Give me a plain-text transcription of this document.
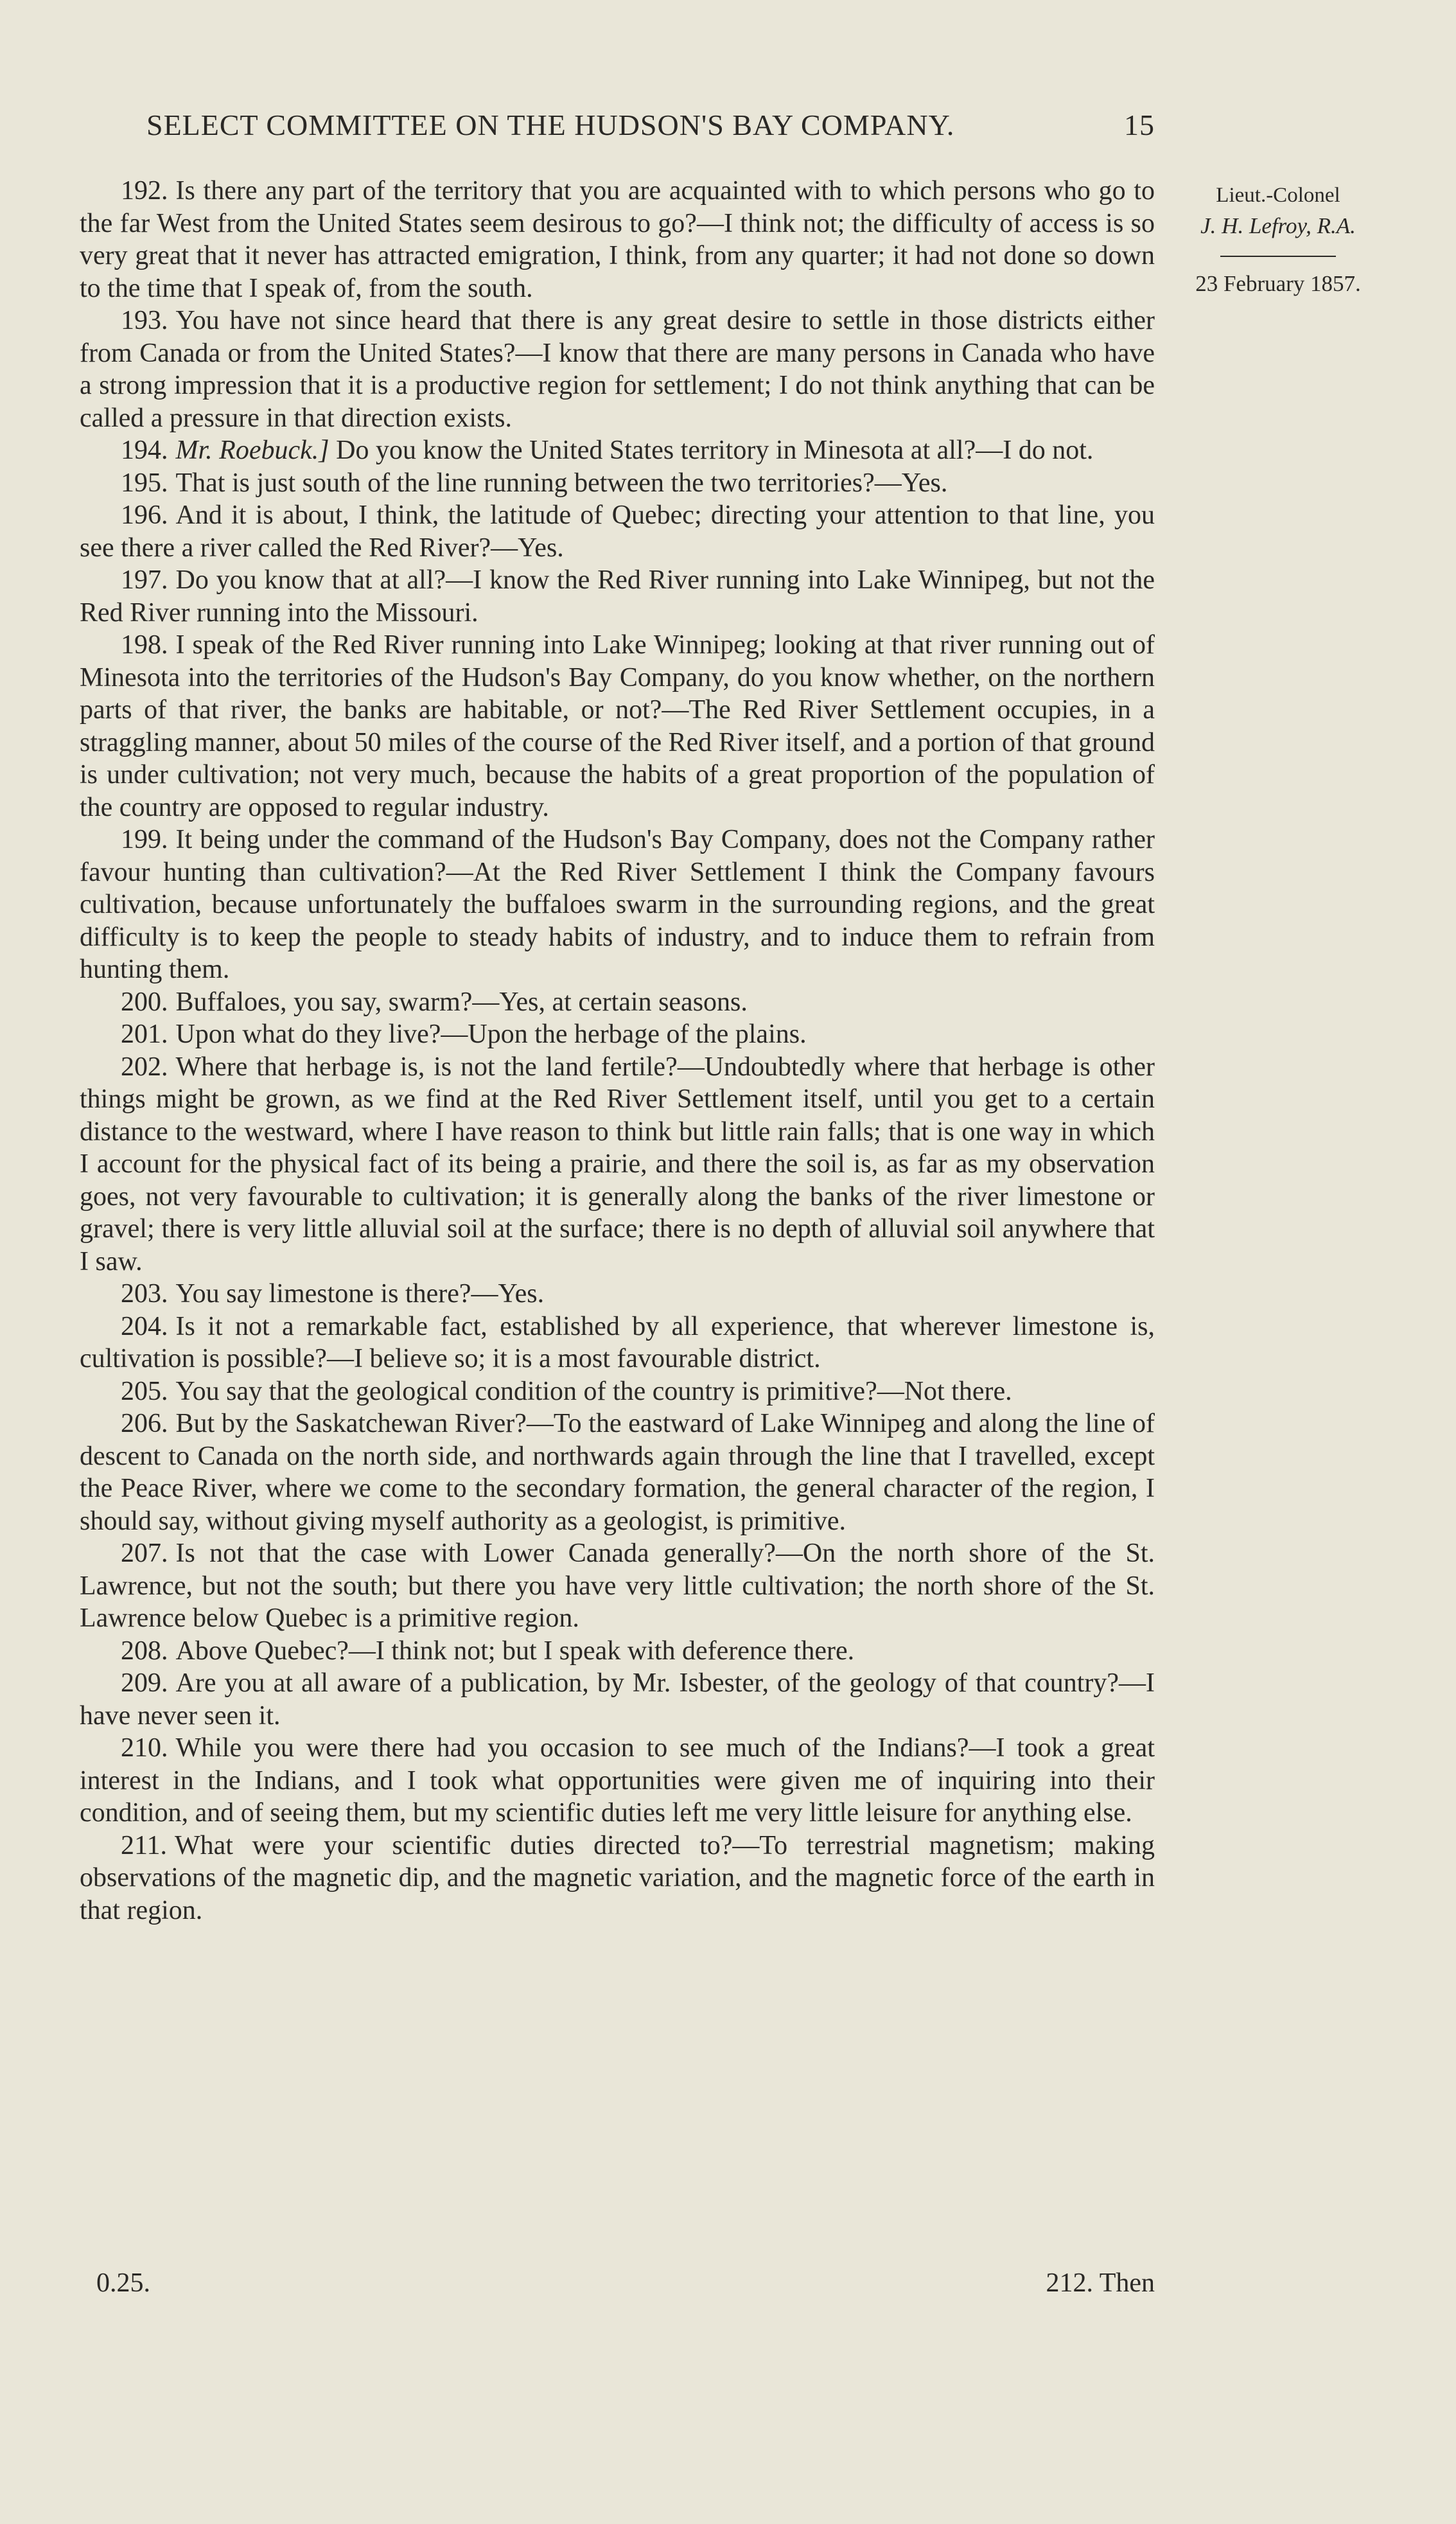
SELECT COMMITTEE ON THE HUDSON'S BAY COMPANY.	15
Lieut.-Colonel
J. H. Lefroy, R.A.
23 February 1857.

192. Is there any part of the territory that you are acquainted with to which persons who go to the far West from the United States seem desirous to go?—I think not; the difficulty of access is so very great that it never has attracted emigration, I think, from any quarter; it had not done so down to the time that I speak of, from the south.

193. You have not since heard that there is any great desire to settle in those districts either from Canada or from the United States?—I know that there are many persons in Canada who have a strong impression that it is a productive region for settlement; I do not think anything that can be called a pressure in that direction exists.

194. Mr. Roebuck.] Do you know the United States territory in Minesota at all?—I do not.

195. That is just south of the line running between the two territories?—Yes.

196. And it is about, I think, the latitude of Quebec; directing your attention to that line, you see there a river called the Red River?—Yes.

197. Do you know that at all?—I know the Red River running into Lake Winnipeg, but not the Red River running into the Missouri.

198. I speak of the Red River running into Lake Winnipeg; looking at that river running out of Minesota into the territories of the Hudson's Bay Company, do you know whether, on the northern parts of that river, the banks are habitable, or not?—The Red River Settlement occupies, in a straggling manner, about 50 miles of the course of the Red River itself, and a portion of that ground is under cultivation; not very much, because the habits of a great proportion of the population of the country are opposed to regular industry.

199. It being under the command of the Hudson's Bay Company, does not the Company rather favour hunting than cultivation?—At the Red River Settlement I think the Company favours cultivation, because unfortunately the buffaloes swarm in the surrounding regions, and the great difficulty is to keep the people to steady habits of industry, and to induce them to refrain from hunting them.

200. Buffaloes, you say, swarm?—Yes, at certain seasons.

201. Upon what do they live?—Upon the herbage of the plains.

202. Where that herbage is, is not the land fertile?—Undoubtedly where that herbage is other things might be grown, as we find at the Red River Settlement itself, until you get to a certain distance to the westward, where I have reason to think but little rain falls; that is one way in which I account for the physical fact of its being a prairie, and there the soil is, as far as my observation goes, not very favourable to cultivation; it is generally along the banks of the river limestone or gravel; there is very little alluvial soil at the surface; there is no depth of alluvial soil anywhere that I saw.

203. You say limestone is there?—Yes.

204. Is it not a remarkable fact, established by all experience, that wherever limestone is, cultivation is possible?—I believe so; it is a most favourable district.

205. You say that the geological condition of the country is primitive?—Not there.

206. But by the Saskatchewan River?—To the eastward of Lake Winnipeg and along the line of descent to Canada on the north side, and northwards again through the line that I travelled, except the Peace River, where we come to the secondary formation, the general character of the region, I should say, without giving myself authority as a geologist, is primitive.

207. Is not that the case with Lower Canada generally?—On the north shore of the St. Lawrence, but not the south; but there you have very little cultivation; the north shore of the St. Lawrence below Quebec is a primitive region.

208. Above Quebec?—I think not; but I speak with deference there.

209. Are you at all aware of a publication, by Mr. Isbester, of the geology of that country?—I have never seen it.

210. While you were there had you occasion to see much of the Indians?—I took a great interest in the Indians, and I took what opportunities were given me of inquiring into their condition, and of seeing them, but my scientific duties left me very little leisure for anything else.

211. What were your scientific duties directed to?—To terrestrial magnetism; making observations of the magnetic dip, and the magnetic variation, and the magnetic force of the earth in that region.

0.25.	212. Then
